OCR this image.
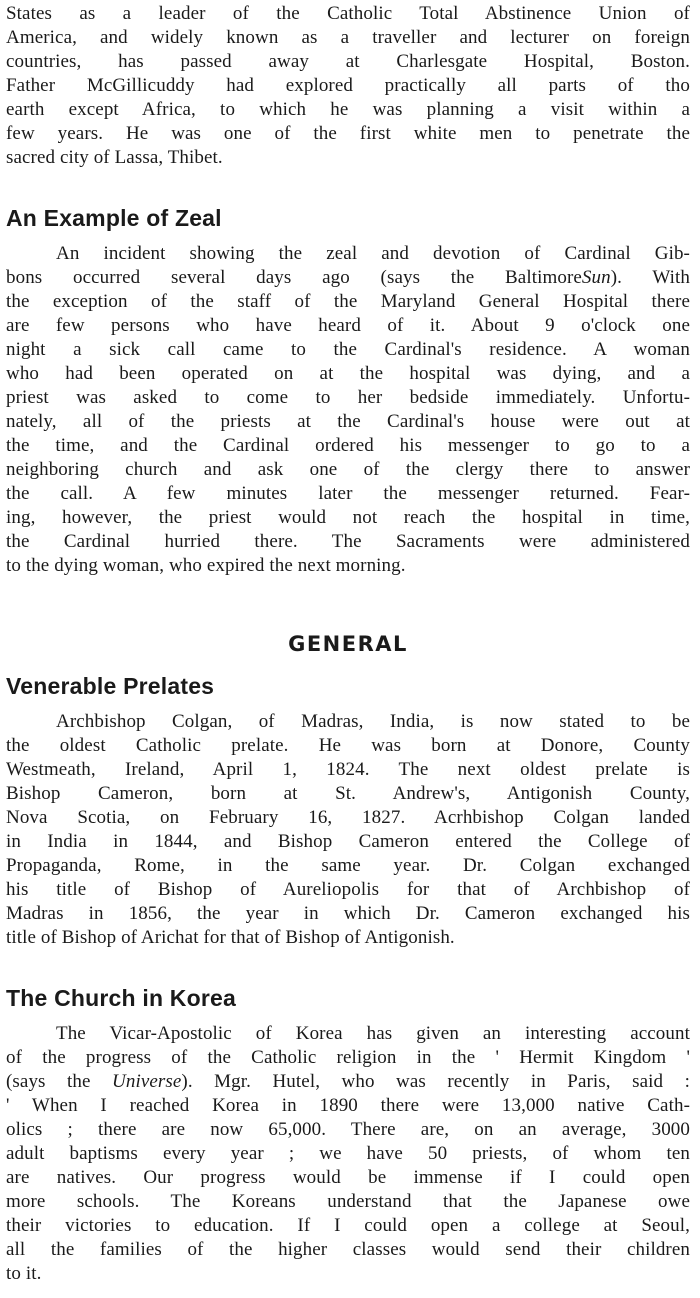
States as a leader of the Catholic Total Abstinence Union of

America, and widely known as a traveller and lecturer on foreign

countries, has passed away at Charlesgate Hospital, Boston.

Father McGillicuddy had explored practically all parts of tho

earth except Africa, to which he was planning a visit within a

few years. He was one of the first white men to penetrate the

sacred city of Lassa, Thibet.

An Example of Zeal

An incident showing the zeal and devotion of Cardinal Gib-

bons occurred several days ago (says the BaltimoreSun). With

the exception of the staff of the Maryland General Hospital there

are few persons who have heard of it. About 9 o'clock one

night a sick call came to the Cardinal's residence. A woman

who had been operated on at the hospital was dying, and a

priest was asked to come to her bedside immediately. Unfortu-

nately, all of the priests at the Cardinal's house were out at

the time, and the Cardinal ordered his messenger to go to a

neighboring church and ask one of the clergy there to answer

the call. A few minutes later the messenger returned. Fear-

ing, however, the priest would not reach the hospital in time,

the Cardinal hurried there. The Sacraments were administered

to the dying woman, who expired the next morning.

GENERAL
Venerable Prelates

Archbishop Colgan, of Madras, India, is now stated to be

the oldest Catholic prelate. He was born at Donore, County

Westmeath, Ireland, April 1, 1824. The next oldest prelate is

Bishop Cameron, born at St. Andrew's, Antigonish County,

Nova Scotia, on February 16, 1827. Acrhbishop Colgan landed

in India in 1844, and Bishop Cameron entered the College of

Propaganda, Rome, in the same year. Dr. Colgan exchanged

his title of Bishop of Aureliopolis for that of Archbishop of

Madras in 1856, the year in which Dr. Cameron exchanged his

title of Bishop of Arichat for that of Bishop of Antigonish.

The Church in Korea

The Vicar-Apostolic of Korea has given an interesting account

of the progress of the Catholic religion in the ' Hermit Kingdom '

(says the Universe). Mgr. Hutel, who was recently in Paris, said :

' When I reached Korea in 1890 there were 13,000 native Cath-

olics ; there are now 65,000. There are, on an average, 3000

adult baptisms every year ; we have 50 priests, of whom ten

are natives. Our progress would be immense if I could open

more schools. The Koreans understand that the Japanese owe

their victories to education. If I could open a college at Seoul,

all the families of the higher classes would send their children

to it.
